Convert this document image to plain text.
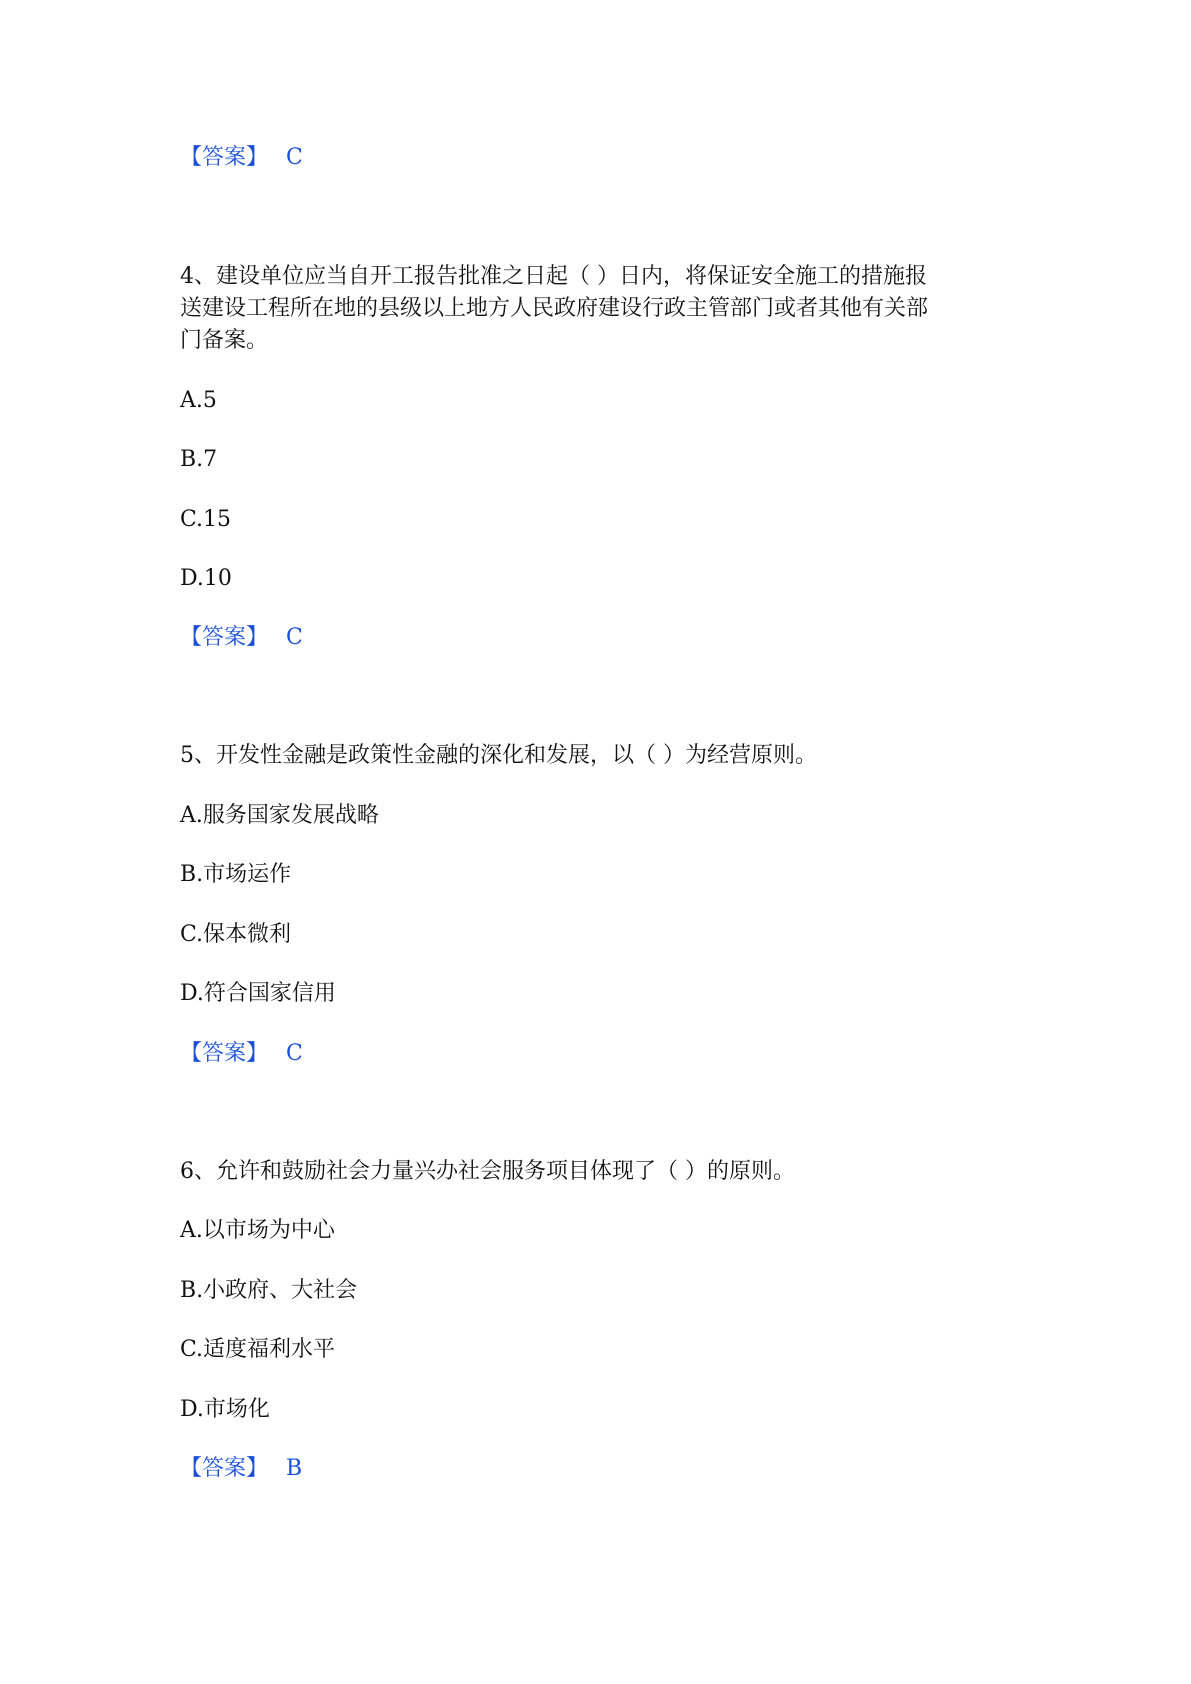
【答案】 C
4、建设单位应当自开工报告批准之日起（ ）日内，将保证安全施工的措施报
送建设工程所在地的县级以上地方人民政府建设行政主管部门或者其他有关部
门备案。
A.5
B.7
C.15
D.10
【答案】 C
5、开发性金融是政策性金融的深化和发展，以（ ）为经营原则。
A.服务国家发展战略
B.市场运作
C.保本微利
D.符合国家信用
【答案】 C
6、允许和鼓励社会力量兴办社会服务项目体现了（ ）的原则。
A.以市场为中心
B.小政府、大社会
C.适度福利水平
D.市场化
【答案】 B
